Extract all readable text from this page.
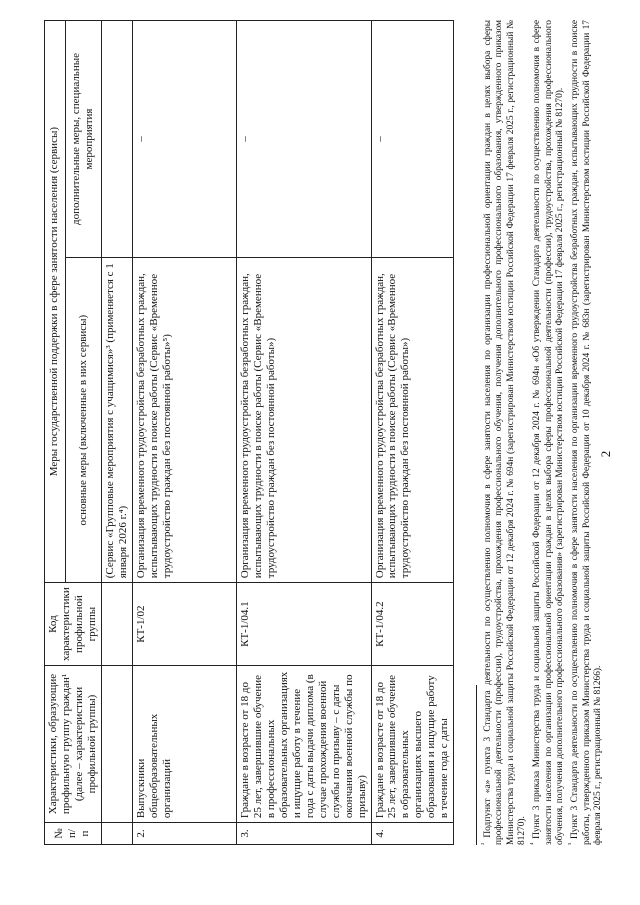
2
№ п/п	Характеристики, образующие профильную группу граждан¹ (далее – характеристики профильной группы)	Код характеристики профильной группы	Меры государственной поддержки в сфере занятости населения (сервисы)	
			основные меры (включенные в них сервисы)	дополнительные меры, специальные мероприятия
			(Сервис «Групповые мероприятия с учащимися»³ (применяется с 1 января 2026 г.⁴)	
2.	Выпускники общеобразовательных организаций	КТ-1/02	Организация временного трудоустройства безработных граждан, испытывающих трудности в поиске работы (Сервис «Временное трудоустройство граждан без постоянной работы»⁵)	–
3.	Граждане в возрасте от 18 до 25 лет, завершившие обучение в профессиональных образовательных организациях и ищущие работу в течение года с даты выдачи диплома (в случае прохождения военной службы по призыву – с даты окончания военной службы по призыву)	КТ-1/04.1	Организация временного трудоустройства безработных граждан, испытывающих трудности в поиске работы (Сервис «Временное трудоустройство граждан без постоянной работы»)	–
4.	Граждане в возрасте от 18 до 25 лет, завершившие обучение в образовательных организациях высшего образования и ищущие работу в течение года с даты	КТ-1/04.2	Организация временного трудоустройства безработных граждан, испытывающих трудности в поиске работы (Сервис «Временное трудоустройство граждан без постоянной работы»)	–

$^{^3}$ Подпункт «а» пункта 3 Стандарта деятельности по осуществлению полномочия в сфере занятости населения по организации профессиональной ориентации граждан в целях выбора сферы профессиональной деятельности (профессии), трудоустройства, прохождения профессионального обучения, получения дополнительного профессионального образования, утвержденного приказом Министерства труда и социальной защиты Российской Федерации от 12 декабря 2024 г. № 694н (зарегистрирован Министерством юстиции Российской Федерации 17 февраля 2025 г., регистрационный № 81270). $^{^4}$ Пункт 3 приказа Министерства труда и социальной защиты Российской Федерации от 12 декабря 2024 г. № 694н «Об утверждении Стандарта деятельности по осуществлению полномочия в сфере занятости населения по организации профессиональной ориентации граждан в целях выбора сферы профессиональной деятельности (профессии), трудоустройства, прохождения профессионального обучения, получения дополнительного профессионального образования» (зарегистрирован Министерством юстиции Российской Федерации 17 февраля 2025 г., регистрационный № 81270). $^{^5}$ Пункт 3 Стандарта деятельности по осуществлению полномочия в сфере занятости населения по организации временного трудоустройства безработных граждан, испытывающих трудности в поиске работы, утвержденного приказом Министерства труда и социальной защиты Российской Федерации от 10 декабря 2024 г. № 683н (зарегистрирован Министерством юстиции Российской Федерации 17 февраля 2025 г., регистрационный № 81266).
